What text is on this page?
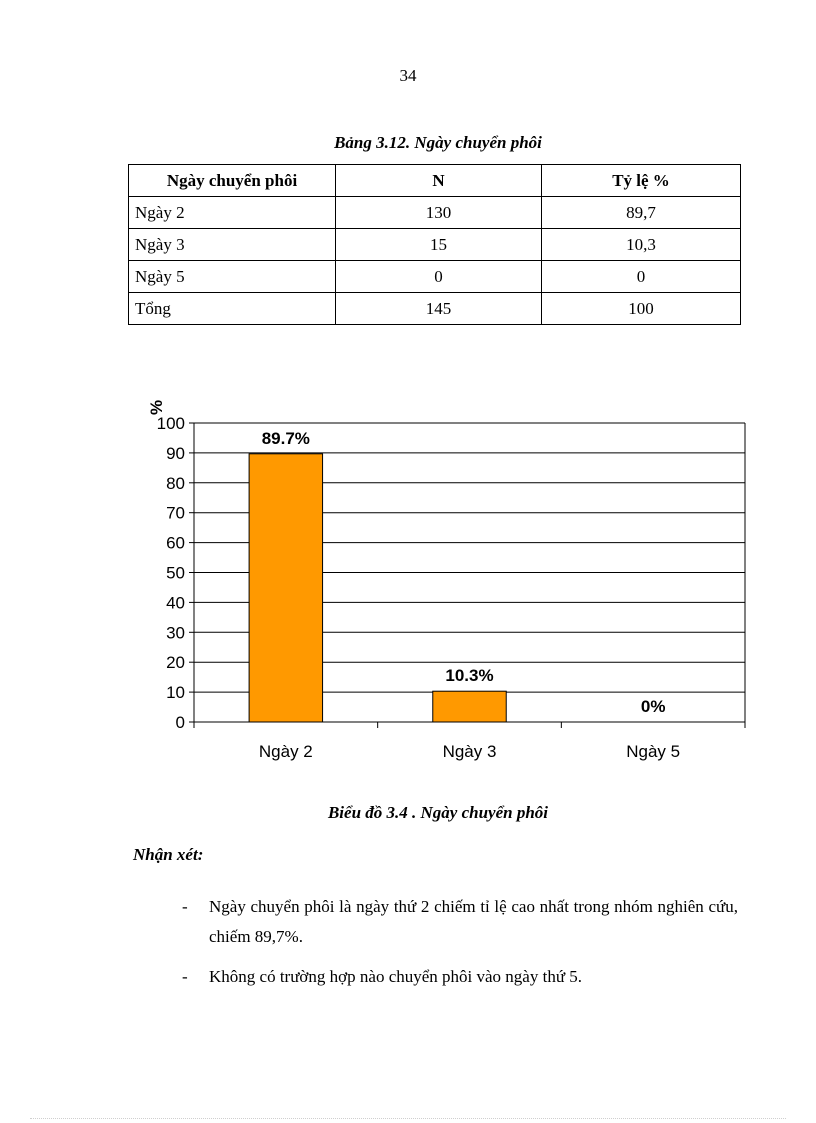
34
Bảng 3.12. Ngày chuyển phôi
Ngày chuyển phôi	N	Tỷ lệ %
Ngày 2	130	89,7
Ngày 3	15	10,3
Ngày 5	0	0
Tổng	145	100
0
10
20
30
40
50
60
70
80
90
100
%
89.7%
Ngày 2
10.3%
Ngày 3
0%
Ngày 5
Biểu đồ 3.4 . Ngày chuyển phôi
Nhận xét:
- Ngày chuyển phôi là ngày thứ 2 chiếm tỉ lệ cao nhất trong nhóm nghiên cứu, chiếm 89,7%.
- Không có trường hợp nào chuyển phôi vào ngày thứ 5.
